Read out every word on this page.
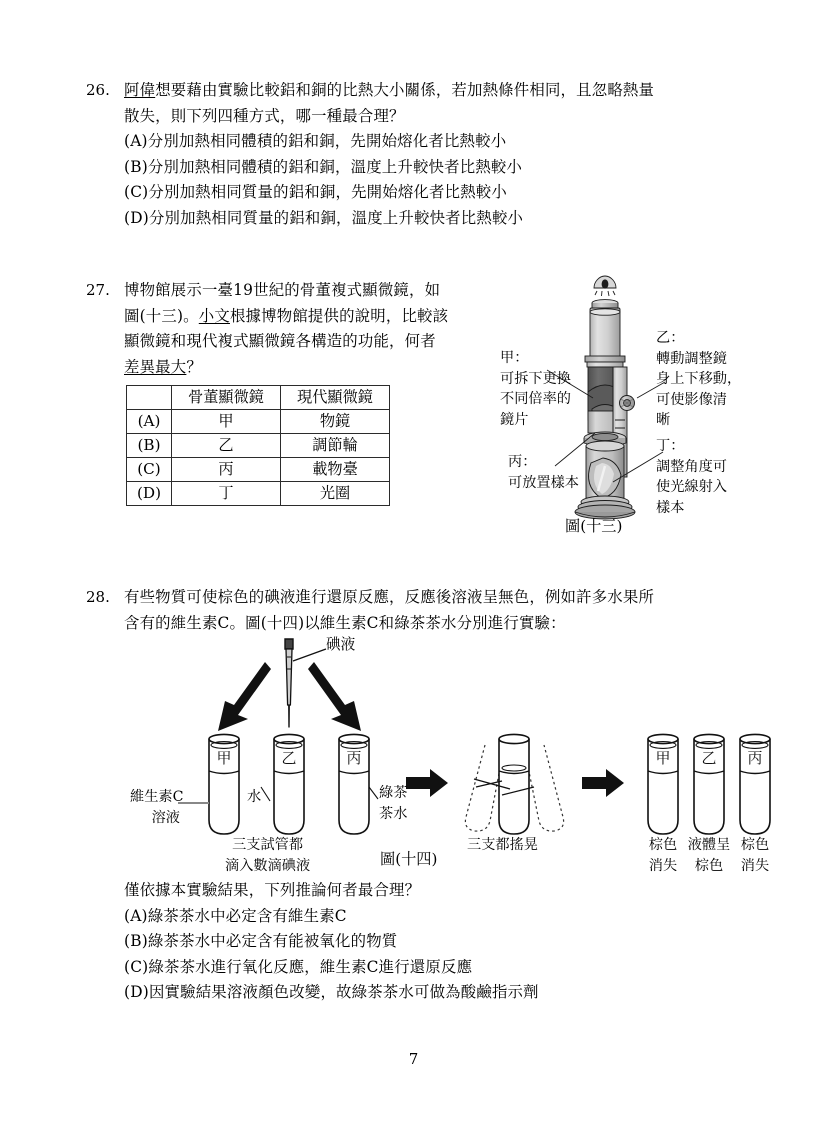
26. 阿偉想要藉由實驗比較鋁和銅的比熱大小關係，若加熱條件相同，且忽略熱量
散失，則下列四種方式，哪一種最合理？
(A)分別加熱相同體積的鋁和銅，先開始熔化者比熱較小
(B)分別加熱相同體積的鋁和銅，溫度上升較快者比熱較小
(C)分別加熱相同質量的鋁和銅，先開始熔化者比熱較小
(D)分別加熱相同質量的鋁和銅，溫度上升較快者比熱較小
27. 博物館展示一臺19世紀的骨董複式顯微鏡，如
圖(十三)。小文根據博物館提供的說明，比較該
顯微鏡和現代複式顯微鏡各構造的功能，何者
差異最大？
	骨董顯微鏡	現代顯微鏡
(A)	甲	物鏡
(B)	乙	調節輪
(C)	丙	載物臺
(D)	丁	光圈
圖(十三)
甲：
可拆下更換
不同倍率的
鏡片
乙：
轉動調整鏡
身上下移動，
可使影像清
晰
丙：
可放置樣本
丁：
調整角度可
使光線射入
樣本
28. 有些物質可使棕色的碘液進行還原反應，反應後溶液呈無色，例如許多水果所
含有的維生素C。圖(十四)以維生素C和綠茶茶水分別進行實驗：
甲	乙	丙	甲 乙 丙
碘液
維生素C
溶液
水	綠茶
茶水
三支試管都
滴入數滴碘液
三支都搖晃	棕色
消失
液體呈
棕色
棕色
消失
圖(十四)
僅依據本實驗結果，下列推論何者最合理？
(A)綠茶茶水中必定含有維生素C
(B)綠茶茶水中必定含有能被氧化的物質
(C)綠茶茶水進行氧化反應，維生素C進行還原反應
(D)因實驗結果溶液顏色改變，故綠茶茶水可做為酸鹼指示劑
7
